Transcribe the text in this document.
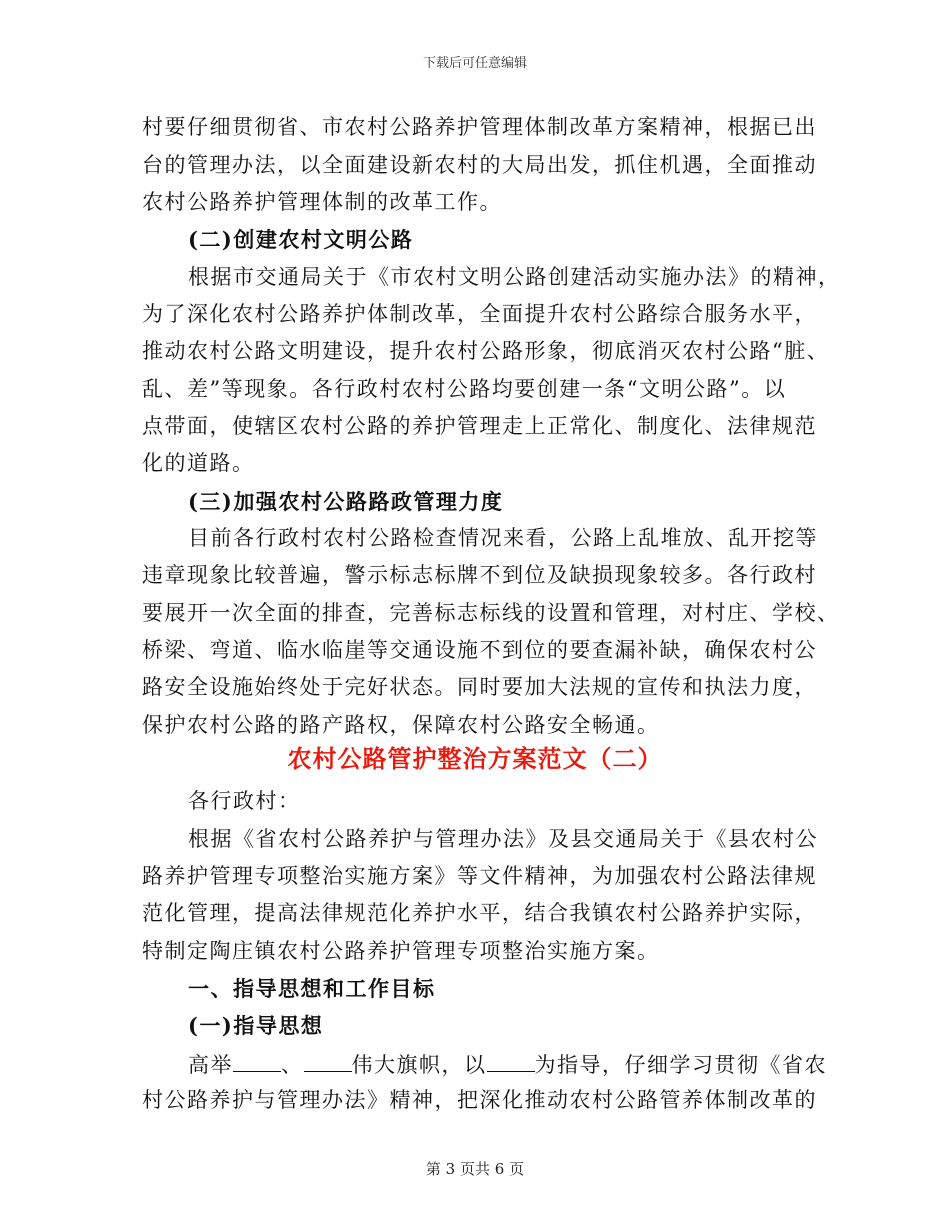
下载后可任意编辑
村要仔细贯彻省、市农村公路养护管理体制改革方案精神，根据已出
台的管理办法，以全面建设新农村的大局出发，抓住机遇，全面推动
农村公路养护管理体制的改革工作。
(二)创建农村文明公路
根据市交通局关于《市农村文明公路创建活动实施办法》的精神，
为了深化农村公路养护体制改革，全面提升农村公路综合服务水平，
推动农村公路文明建设，提升农村公路形象，彻底消灭农村公路“脏、
乱、差”等现象。各行政村农村公路均要创建一条“文明公路”。以
点带面，使辖区农村公路的养护管理走上正常化、制度化、法律规范
化的道路。
(三)加强农村公路路政管理力度
目前各行政村农村公路检查情况来看，公路上乱堆放、乱开挖等
违章现象比较普遍，警示标志标牌不到位及缺损现象较多。各行政村
要展开一次全面的排查，完善标志标线的设置和管理，对村庄、学校、
桥梁、弯道、临水临崖等交通设施不到位的要查漏补缺，确保农村公
路安全设施始终处于完好状态。同时要加大法规的宣传和执法力度，
保护农村公路的路产路权，保障农村公路安全畅通。
农村公路管护整治方案范文（二）
各行政村：
根据《省农村公路养护与管理办法》及县交通局关于《县农村公
路养护管理专项整治实施方案》等文件精神，为加强农村公路法律规
范化管理，提高法律规范化养护水平，结合我镇农村公路养护实际，
特制定陶庄镇农村公路养护管理专项整治实施方案。
一、指导思想和工作目标
(一)指导思想
高举 、 伟大旗帜，以 为指导，仔细学习贯彻《省农
村公路养护与管理办法》精神，把深化推动农村公路管养体制改革的
第 3 页共 6 页
